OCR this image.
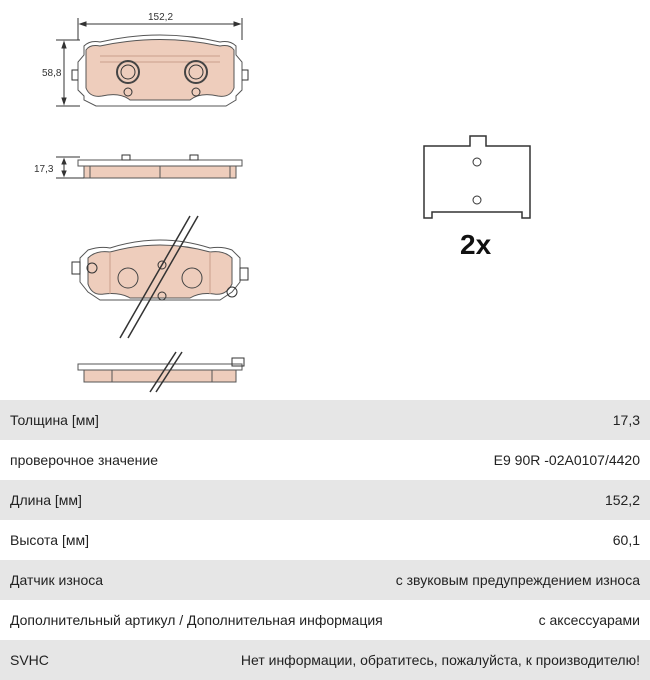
152,2
58,8
17,3
2x
Толщина [мм]	17,3
проверочное значение	E9 90R -02A0107/4420
Длина [мм]	152,2
Высота [мм]	60,1
Датчик износа	с звуковым предупреждением износа
Дополнительный артикул / Дополнительная информация	с аксессуарами
SVHC	Нет информации, обратитесь, пожалуйста, к производителю!
